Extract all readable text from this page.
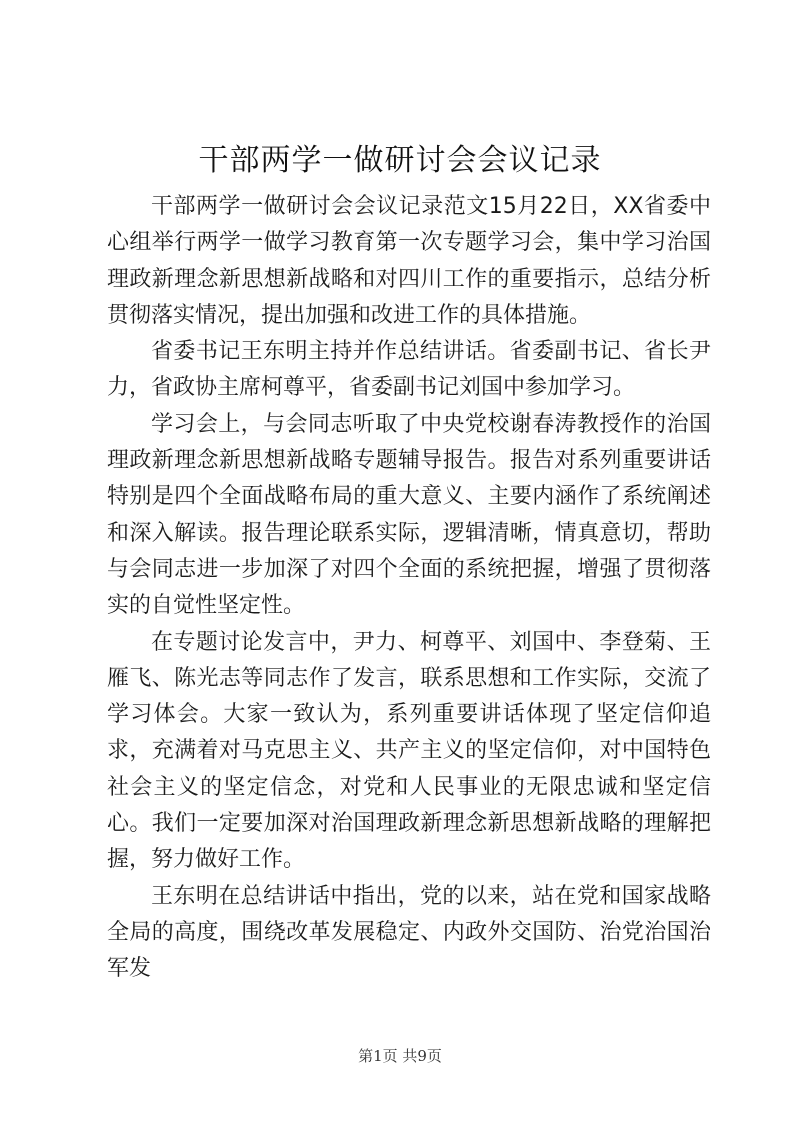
干部两学一做研讨会会议记录

干部两学一做研讨会会议记录范文15月22日，XX省委中心组举行两学一做学习教育第一次专题学习会，集中学习治国理政新理念新思想新战略和对四川工作的重要指示，总结分析贯彻落实情况，提出加强和改进工作的具体措施。

省委书记王东明主持并作总结讲话。省委副书记、省长尹力，省政协主席柯尊平，省委副书记刘国中参加学习。

学习会上，与会同志听取了中央党校谢春涛教授作的治国理政新理念新思想新战略专题辅导报告。报告对系列重要讲话特别是四个全面战略布局的重大意义、主要内涵作了系统阐述和深入解读。报告理论联系实际，逻辑清晰，情真意切，帮助与会同志进一步加深了对四个全面的系统把握，增强了贯彻落实的自觉性坚定性。

在专题讨论发言中，尹力、柯尊平、刘国中、李登菊、王雁飞、陈光志等同志作了发言，联系思想和工作实际，交流了学习体会。大家一致认为，系列重要讲话体现了坚定信仰追求，充满着对马克思主义、共产主义的坚定信仰，对中国特色社会主义的坚定信念，对党和人民事业的无限忠诚和坚定信心。我们一定要加深对治国理政新理念新思想新战略的理解把握，努力做好工作。

王东明在总结讲话中指出，党的以来，站在党和国家战略全局的高度，围绕改革发展稳定、内政外交国防、治党治国治军发

第1页 共9页
